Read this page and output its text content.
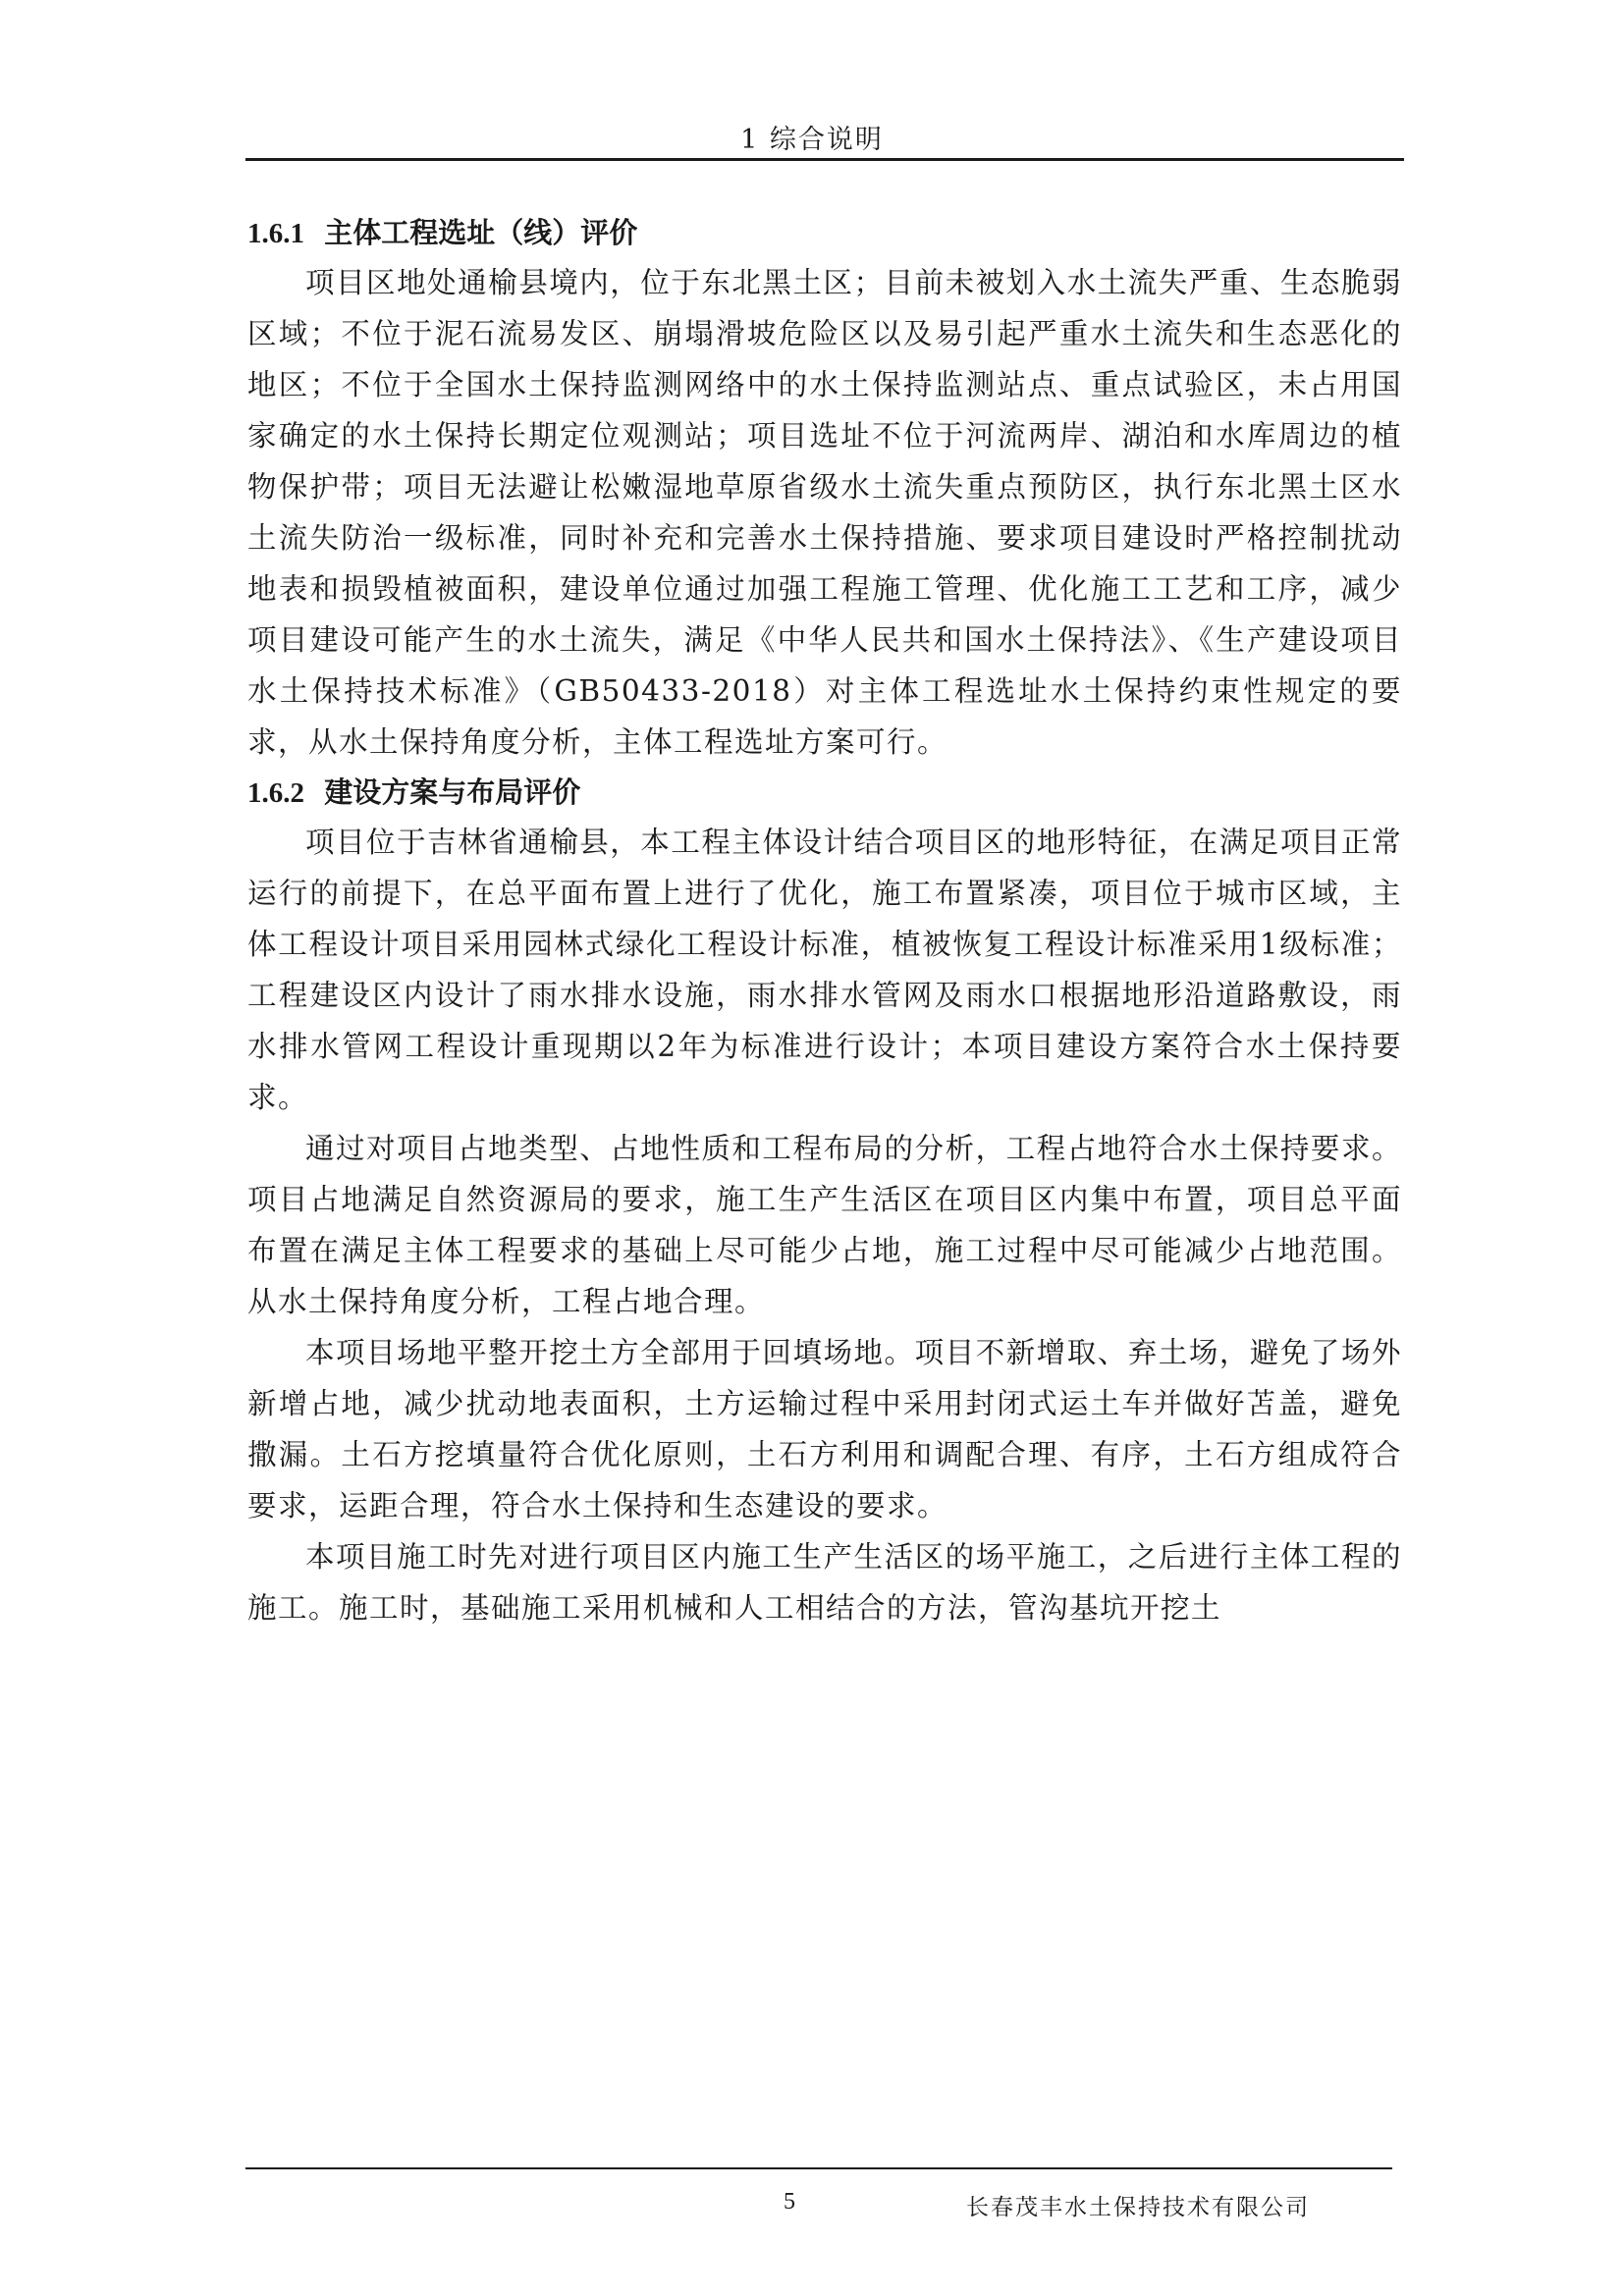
1 综合说明
1.6.1 主体工程选址（线）评价

项目区地处通榆县境内，位于东北黑土区；目前未被划入水土流失严重、生态脆弱区域；不位于泥石流易发区、崩塌滑坡危险区以及易引起严重水土流失和生态恶化的地区；不位于全国水土保持监测网络中的水土保持监测站点、重点试验区，未占用国家确定的水土保持长期定位观测站；项目选址不位于河流两岸、湖泊和水库周边的植物保护带；项目无法避让松嫩湿地草原省级水土流失重点预防区，执行东北黑土区水土流失防治一级标准，同时补充和完善水土保持措施、要求项目建设时严格控制扰动地表和损毁植被面积，建设单位通过加强工程施工管理、优化施工工艺和工序，减少项目建设可能产生的水土流失，满足《中华人民共和国水土保持法》、《生产建设项目水土保持技术标准》（GB50433-2018）对主体工程选址水土保持约束性规定的要求，从水土保持角度分析，主体工程选址方案可行。

1.6.2 建设方案与布局评价

项目位于吉林省通榆县，本工程主体设计结合项目区的地形特征，在满足项目正常运行的前提下，在总平面布置上进行了优化，施工布置紧凑，项目位于城市区域，主体工程设计项目采用园林式绿化工程设计标准，植被恢复工程设计标准采用1级标准；工程建设区内设计了雨水排水设施，雨水排水管网及雨水口根据地形沿道路敷设，雨水排水管网工程设计重现期以2年为标准进行设计；本项目建设方案符合水土保持要求。

通过对项目占地类型、占地性质和工程布局的分析，工程占地符合水土保持要求。项目占地满足自然资源局的要求，施工生产生活区在项目区内集中布置，项目总平面布置在满足主体工程要求的基础上尽可能少占地，施工过程中尽可能减少占地范围。从水土保持角度分析，工程占地合理。

本项目场地平整开挖土方全部用于回填场地。项目不新增取、弃土场，避免了场外新增占地，减少扰动地表面积，土方运输过程中采用封闭式运土车并做好苫盖，避免撒漏。土石方挖填量符合优化原则，土石方利用和调配合理、有序，土石方组成符合要求，运距合理，符合水土保持和生态建设的要求。

本项目施工时先对进行项目区内施工生产生活区的场平施工，之后进行主体工程的施工。施工时，基础施工采用机械和人工相结合的方法，管沟基坑开挖土

5	长春茂丰水土保持技术有限公司
